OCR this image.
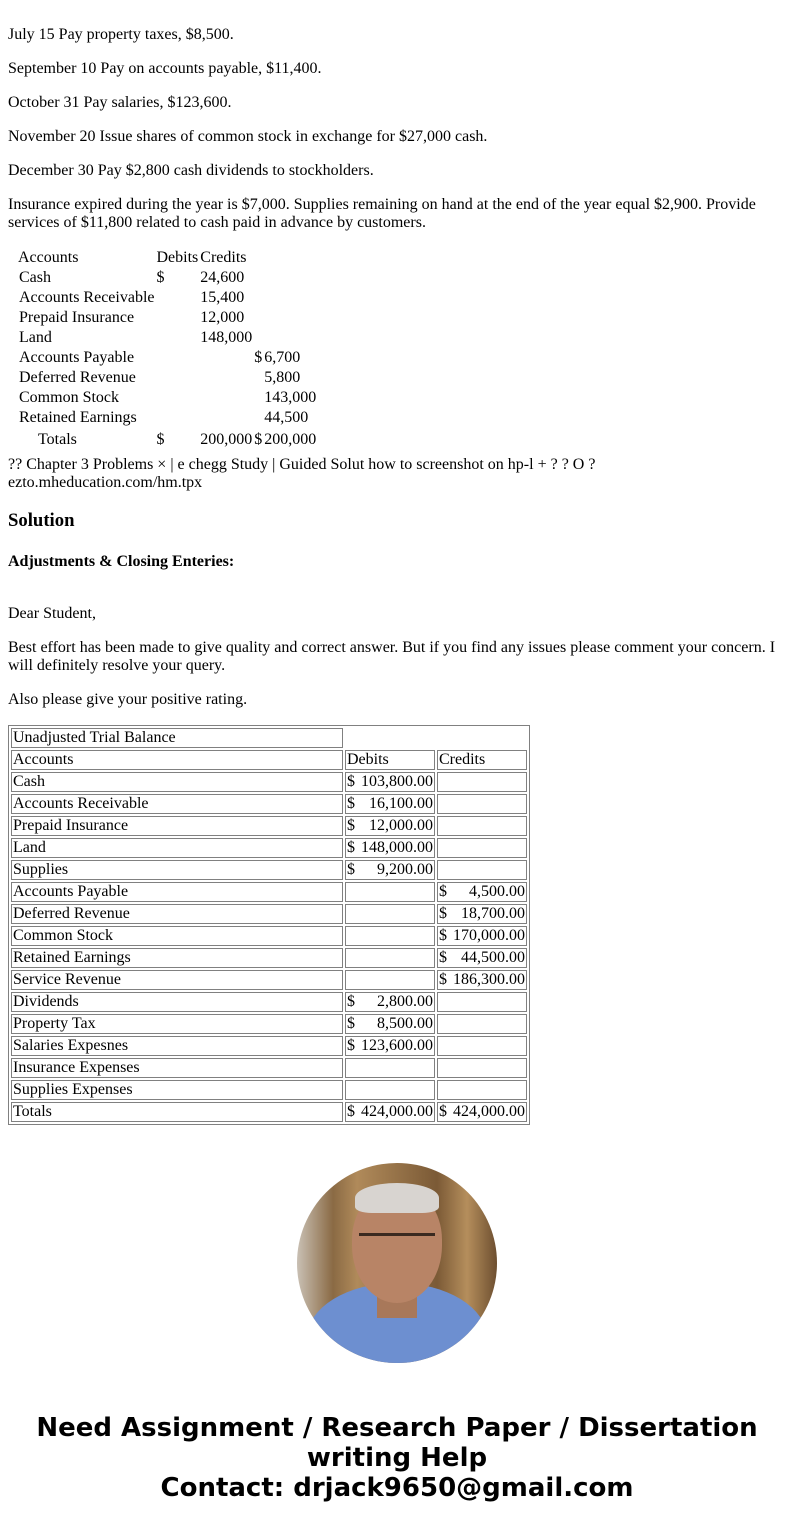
July 15 Pay property taxes, $8,500.

September 10 Pay on accounts payable, $11,400.

October 31 Pay salaries, $123,600.

November 20 Issue shares of common stock in exchange for $27,000 cash.

December 30 Pay $2,800 cash dividends to stockholders.

Insurance expired during the year is $7,000. Supplies remaining on hand at the end of the year equal $2,900. Provide services of $11,800 related to cash paid in advance by customers.

Accounts	Debits	Credits		
Cash	$	24,600		
Accounts Receivable		15,400		
Prepaid Insurance		12,000		
Land		148,000		
Accounts Payable			$	6,700
Deferred Revenue				5,800
Common Stock				143,000
Retained Earnings				44,500
Totals	$	200,000	$	200,000
?? Chapter 3 Problems × | e chegg Study | Guided Solut how to screenshot on hp-l + ? ? O ?
ezto.mheducation.com/hm.tpx
Solution
Adjustments & Closing Enteries:

Dear Student,

Best effort has been made to give quality and correct answer. But if you find any issues please comment your concern. I will definitely resolve your query.

Also please give your positive rating.

Unadjusted Trial Balance		
Accounts	Debits	Credits
Cash	$ 103,800.00	

Accounts Receivable	$ 16,100.00	

Prepaid Insurance	$ 12,000.00	

Land	$ 148,000.00	

Supplies	$ 9,200.00	

Accounts Payable		$ 4,500.00

Deferred Revenue		$ 18,700.00

Common Stock		$ 170,000.00

Retained Earnings		$ 44,500.00

Service Revenue		$ 186,300.00

Dividends	$ 2,800.00	

Property Tax	$ 8,500.00	

Salaries Expesnes	$ 123,600.00	

Insurance Expenses		
Supplies Expenses		
Totals	$ 424,000.00	$ 424,000.00
Need Assignment / Research Paper / Dissertation writing Help
Contact: drjack9650@gmail.com
